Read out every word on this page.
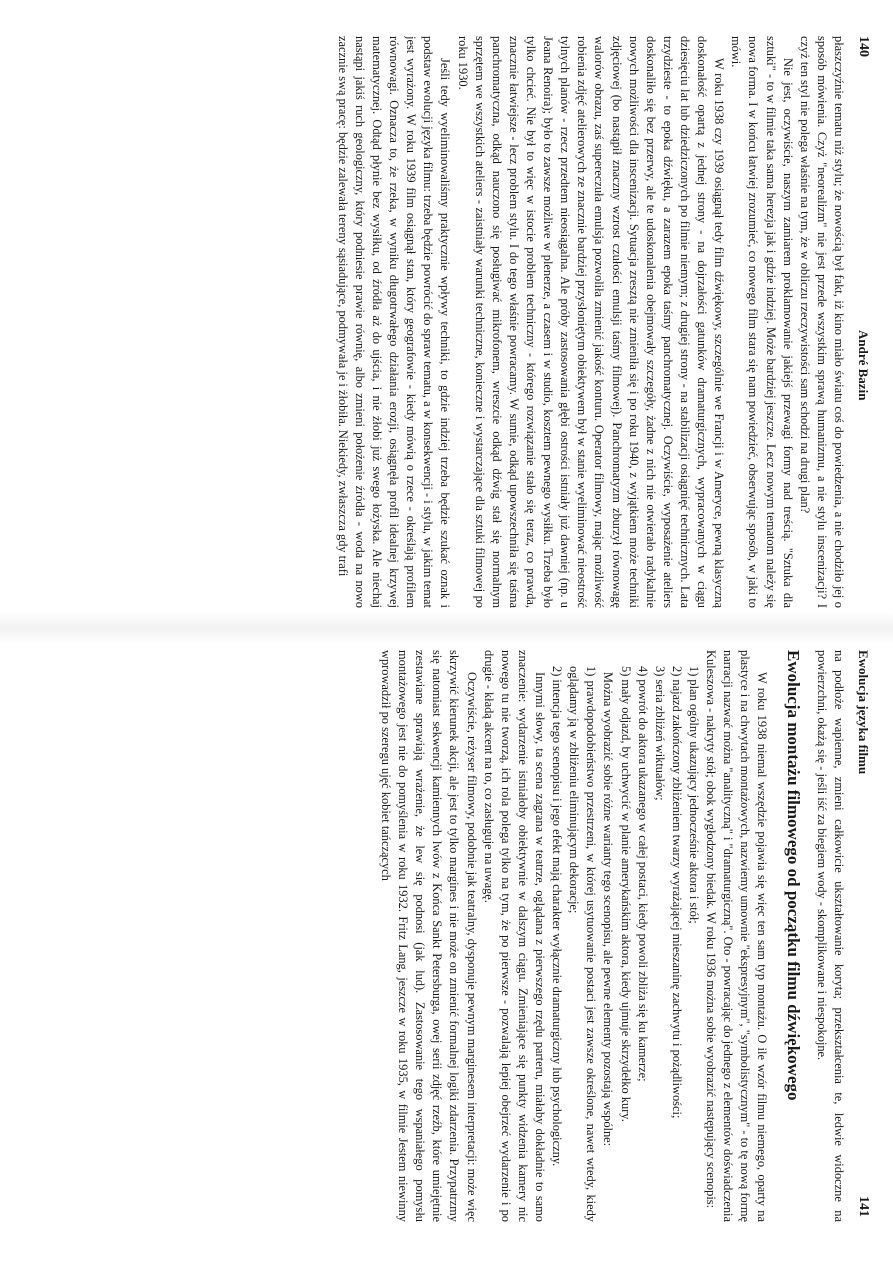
140
André Bazin

płaszczyźnie tematu niż stylu; że nowością był fakt, iż kino miało światu coś do powiedzenia, a nie chodziło jej o sposób mówienia. Czyż "neorealizm" nie jest przede wszystkim sprawą humanizmu, a nie stylu inscenizacji? I czyż ten styl nie polega właśnie na tym, że w obliczu rzeczywistości sam schodzi na drugi plan?

Nie jest, oczywiście, naszym zamiarem proklamowanie jakiejś przewagi formy nad treścią. "Sztuka dla sztuki" - to w filmie taka sama herezja jak i gdzie indziej. Może bardziej jeszcze. Lecz nowym tematom należy się nowa forma. I w końcu łatwiej zrozumieć, co nowego film stara się nam powiedzieć, obserwując sposób, w jaki to mówi.

W roku 1938 czy 1939 osiągnął tedy film dźwiękowy, szczególnie we Francji i w Ameryce, pewną klasyczną doskonałość opartą z jednej strony - na dojrzałości gatunków dramaturgicznych, wypracowanych w ciągu dziesięciu lat lub dziedziczonych po filmie niemym; z drugiej strony - na stabilizacji osiągnięć technicznych. Lata trzydzieste - to epoka dźwięku, a zarazem epoka taśmy panchromatycznej. Oczywiście, wyposażenie ateliers doskonaliło się bez przerwy, ale te udoskonalenia obejmowały szczegóły, żadne z nich nie otwierało radykalnie nowych możliwości dla inscenizacji. Sytuacja zresztą nie zmieniła się i po roku 1940, z wyjątkiem może techniki zdjęciowej (bo nastąpił znaczny wzrost czułości emulsji taśmy filmowej). Panchromatyzm zburzył równowagę walorów obrazu, zaś supereczuła emulsja pozwoliła zmienić jakość konturu. Operator filmowy, mając możliwość robienia zdjęć atelierowych ze znacznie bardziej przysłoniętym obiektywem był w stanie wyeliminować nieostrość tylnych planów - rzecz przedtem nieosiągalna. Ale próby zastosowania głębi ostrości istniały już dawniej (np. u Jeana Renoira); było to zawsze możliwe w plenerze, a czasem i w studio, kosztem pewnego wysiłku. Trzeba było tylko chcieć. Nie był to więc w istocie problem techniczny - którego rozwiązanie stało się teraz, co prawda, znacznie łatwiejsze - lecz problem stylu. I do tego właśnie powracamy. W sumie, odkąd upowszechniła się taśma panchromatyczna, odkąd nauczono się posługiwać mikrofonem, wreszcie odkąd dźwig stał się normalnym sprzętem we wszystkich ateliers - zaistniały warunki techniczne, konieczne i wystarczające dla sztuki filmowej po roku 1930.

Jeśli tedy wyeliminowaliśmy praktycznie wpływy techniki, to gdzie indziej trzeba będzie szukać oznak i podstaw ewolucji języka filmu: trzeba będzie powrócić do spraw tematu, a w konsekwencji - i stylu, w jakim temat jest wyrażony. W roku 1939 film osiągnął stan, który geografowie - kiedy mówią o rzece - określają profilem równowagi. Oznacza to, że rzeka, w wyniku długotrwałego działania erozji, osiągnęła profil idealnej krzywej matematycznej. Odtąd płynie bez wysiłku, od źródła aż do ujścia, i nie żłobi już swego łożyska. Ale niechaj nastąpi jakiś ruch geologiczny, który podniesie prawie równię, albo zmieni położenie źródła - woda na nowo zacznie swą pracę: będzie zalewała tereny sąsiadujące, podmywała je i żłobiła. Niekiedy, zwłaszcza gdy trafi

Ewolucja języka filmu
141

na podłoże wapienne, zmieni całkowicie ukształtowanie koryta; przekształcenia te, ledwie widoczne na powierzchni, okażą się - jeśli iść za biegiem wody - skomplikowane i niespokojne.

Ewolucja montażu filmowego od początku filmu dźwiękowego

W roku 1938 niemal wszędzie pojawia się więc ten sam typ montażu. O ile wzór filmu niemego, oparty na plastyce i na chwytach montażowych, nazwiemy umownie "ekspresyjnym", "symbolistycznym" - to tę nową formę narracji nazwać można "analityczną" i "dramaturgiczną". Oto - powracając do jednego z elementów doświadczenia Kuleszowa - nakryty stół; obok wygłodzony biedak. W roku 1936 można sobie wyobrazić następujący scenopis:

1) plan ogólny ukazujący jednocześnie aktora i stół;

2) najazd zakończony zbliżeniem twarzy wyrażającej mieszaninę zachwytu i pożądliwości;

3) seria zbliżeń wiktuałów;

4) powrót do aktora ukazanego w całej postaci, kiedy powoli zbliża się ku kamerze;

5) mały odjazd, by uchwycić w planie amerykańskim aktora, kiedy ujmuje skrzydełko kury.

Można wyobrazić sobie różne warianty tego scenopisu, ale pewne elementy pozostają wspólne:

1) prawdopodobieństwo przestrzeni, w której usytuowanie postaci jest zawsze określone, nawet wtedy, kiedy oglądamy ją w zbliżeniu eliminującym dekoracje;

2) intencja tego scenopisu i jego efekt mają charakter wyłącznie dramaturgiczny lub psychologiczny.

Innymi słowy, ta scena zagrana w teatrze, oglądana z pierwszego rzędu parteru, miałaby dokładnie to samo znaczenie: wydarzenie istniałoby obiektywnie w dalszym ciągu. Zmieniające się punkty widzenia kamery nic nowego tu nie tworzą, ich rola polega tylko na tym, że po pierwsze - pozwalają lepiej obejrzeć wydarzenie i po drugie - kładą akcent na to, co zasługuje na uwagę.

Oczywiście, reżyser filmowy, podobnie jak teatralny, dysponuje pewnym marginesem interpretacji: może więc skrzywić kierunek akcji, ale jest to tylko margines i nie może on zmienić formalnej logiki zdarzenia. Przypatrzmy się natomiast sekwencji kamiennych lwów z Końca Sankt Petersburga, owej serii zdjęć rzeźb, które umiejętnie zestawiane sprawiają wrażenie, że lew się podnosi (jak lud). Zastosowanie tego wspaniałego pomysłu montażowego jest nie do pomyślenia w roku 1932. Fritz Lang, jeszcze w roku 1935, w filmie Jestem niewinny wprowadził po szeregu ujęć kobiet tańczących
